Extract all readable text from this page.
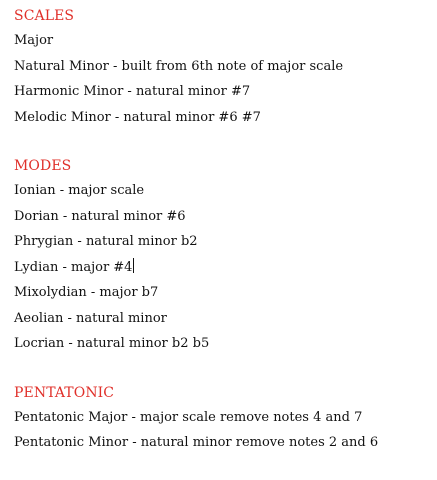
SCALES

Major

Natural Minor - built from 6th note of major scale

Harmonic Minor - natural minor #7

Melodic Minor - natural minor #6 #7

MODES

Ionian - major scale

Dorian - natural minor #6

Phrygian - natural minor b2

Lydian - major #4

Mixolydian - major b7

Aeolian - natural minor

Locrian - natural minor b2 b5

PENTATONIC

Pentatonic Major - major scale remove notes 4 and 7

Pentatonic Minor - natural minor remove notes 2 and 6
